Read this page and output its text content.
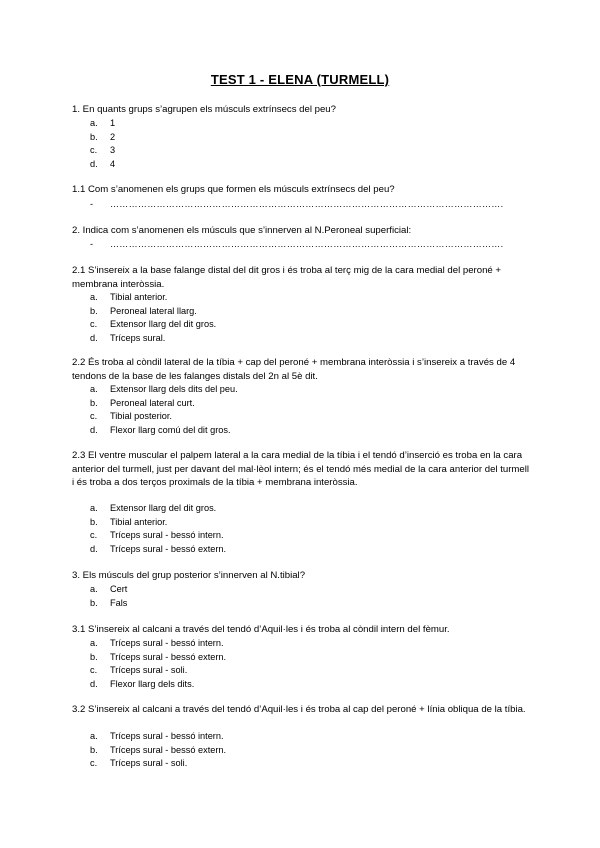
TEST 1 - ELENA (TURMELL)
1. En quants grups s’agrupen els músculs extrínsecs del peu?
a.	1
b.	2
c.	3
d.	4
1.1 Com s’anomenen els grups que formen els músculs extrínsecs del peu?
-	……………………………………………………………………………………………………………….
2. Indica com s’anomenen els músculs que s’innerven al N.Peroneal superficial:
-	……………………………………………………………………………………………………………….
2.1 S’insereix a la base falange distal del dit gros i és troba al terç mig de la cara medial del peroné + membrana interòssia.
a.	Tibial anterior.
b.	Peroneal lateral llarg.
c.	Extensor llarg del dit gros.
d.	Tríceps sural.
2.2 És troba al còndil lateral de la tíbia + cap del peroné + membrana interòssia i s’insereix a través de 4 tendons de la base de les falanges distals del 2n al 5è dit.
a.	Extensor llarg dels dits del peu.
b.	Peroneal lateral curt.
c.	Tibial posterior.
d.	Flexor llarg comú del dit gros.
2.3 El ventre muscular el palpem lateral a la cara medial de la tíbia i el tendó d’inserció es troba en la cara anterior del turmell, just per davant del mal·lèol intern; és el tendó més medial de la cara anterior del turmell i és troba a dos terços proximals de la tíbia + membrana interòssia.
a.	Extensor llarg del dit gros.
b.	Tibial anterior.
c.	Tríceps sural - bessó intern.
d.	Tríceps sural - bessó extern.
3. Els músculs del grup posterior s’innerven al N.tibial?
a.	Cert
b.	Fals
3.1 S’insereix al calcani a través del tendó d’Aquil·les i és troba al còndil intern del fèmur.
a.	Tríceps sural - bessó intern.
b.	Tríceps sural - bessó extern.
c.	Tríceps sural - soli.
d.	Flexor llarg dels dits.
3.2 S’insereix al calcani a través del tendó d’Aquil·les i és troba al cap del peroné + línia obliqua de la tíbia.
a.	Tríceps sural - bessó intern.
b.	Tríceps sural - bessó extern.
c.	Tríceps sural - soli.
